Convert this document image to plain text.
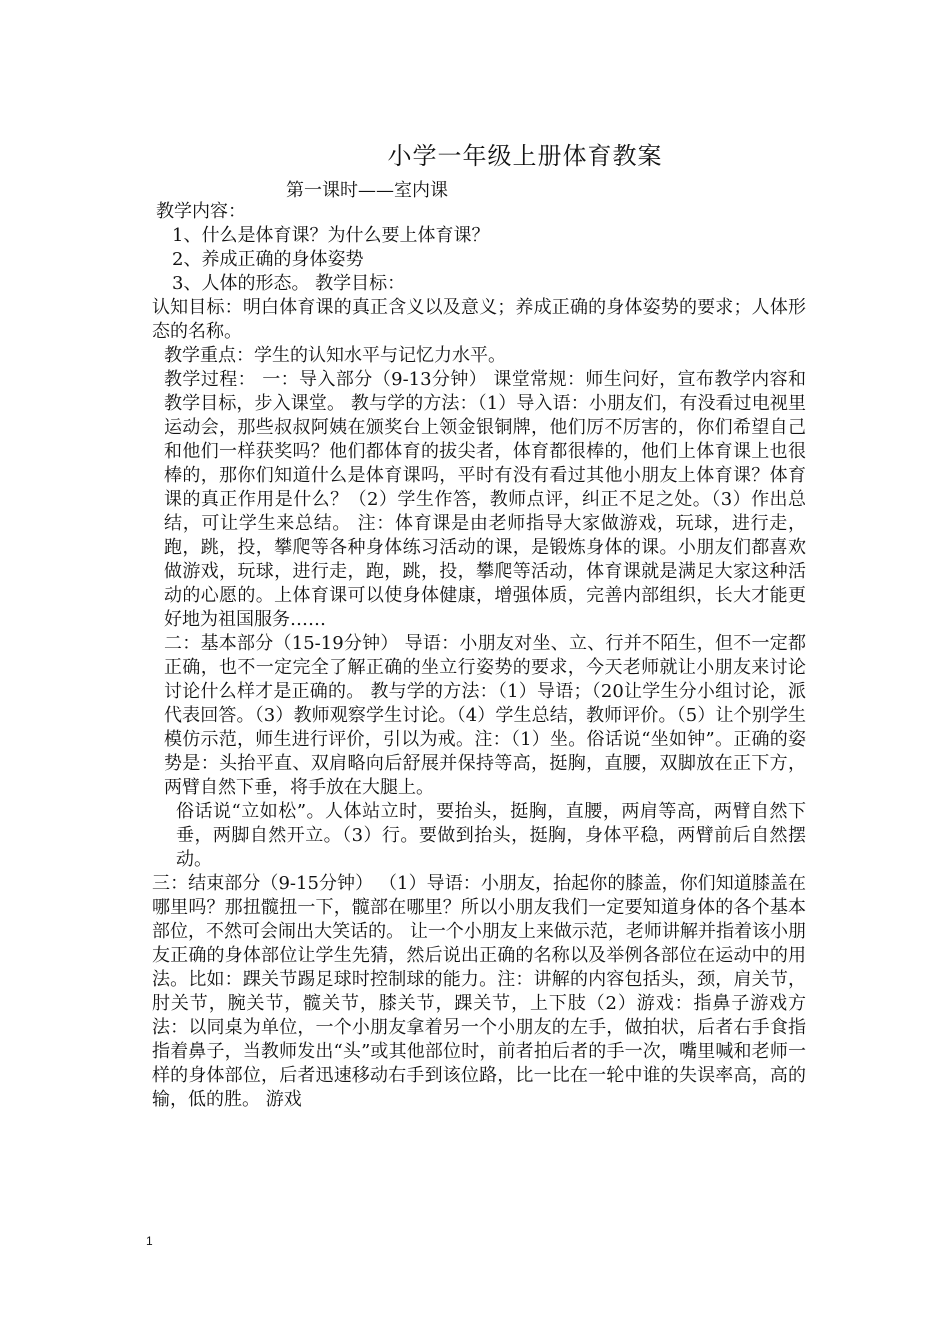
小学一年级上册体育教案
第一课时——室内课

教学内容：

1、什么是体育课？为什么要上体育课？

2、养成正确的身体姿势

3、人体的形态。 教学目标：

认知目标：明白体育课的真正含义以及意义；养成正确的身体姿势的要求；人体形态的名称。

教学重点：学生的认知水平与记忆力水平。

教学过程： 一：导入部分（9-13分钟） 课堂常规：师生问好，宣布教学内容和教学目标，步入课堂。 教与学的方法：（1）导入语：小朋友们，有没看过电视里运动会，那些叔叔阿姨在颁奖台上领金银铜牌，他们厉不厉害的，你们希望自己和他们一样获奖吗？他们都体育的拔尖者，体育都很棒的，他们上体育课上也很棒的，那你们知道什么是体育课吗，平时有没有看过其他小朋友上体育课？体育课的真正作用是什么？（2）学生作答，教师点评，纠正不足之处。（3）作出总结，可让学生来总结。 注：体育课是由老师指导大家做游戏，玩球，进行走，跑，跳，投，攀爬等各种身体练习活动的课，是锻炼身体的课。小朋友们都喜欢做游戏，玩球，进行走，跑，跳，投，攀爬等活动，体育课就是满足大家这种活动的心愿的。上体育课可以使身体健康，增强体质，完善内部组织，长大才能更好地为祖国服务……

二：基本部分（15-19分钟） 导语：小朋友对坐、立、行并不陌生，但不一定都正确，也不一定完全了解正确的坐立行姿势的要求，今天老师就让小朋友来讨论讨论什么样才是正确的。 教与学的方法：（1）导语；（20让学生分小组讨论，派代表回答。（3）教师观察学生讨论。（4）学生总结，教师评价。（5）让个别学生模仿示范，师生进行评价，引以为戒。注：（1）坐。俗话说“坐如钟”。正确的姿势是：头抬平直、双肩略向后舒展并保持等高，挺胸，直腰，双脚放在正下方，两臂自然下垂，将手放在大腿上。

俗话说“立如松”。人体站立时，要抬头，挺胸，直腰，两肩等高，两臂自然下垂，两脚自然开立。（3）行。要做到抬头，挺胸，身体平稳，两臂前后自然摆动。

三：结束部分（9-15分钟） （1）导语：小朋友，抬起你的膝盖，你们知道膝盖在哪里吗？那扭髋扭一下，髋部在哪里？所以小朋友我们一定要知道身体的各个基本部位，不然可会闹出大笑话的。 让一个小朋友上来做示范，老师讲解并指着该小朋友正确的身体部位让学生先猜，然后说出正确的名称以及举例各部位在运动中的用法。比如：踝关节踢足球时控制球的能力。注：讲解的内容包括头，颈，肩关节，肘关节，腕关节，髋关节，膝关节，踝关节，上下肢（2）游戏：指鼻子游戏方法：以同桌为单位，一个小朋友拿着另一个小朋友的左手，做拍状，后者右手食指指着鼻子，当教师发出“头”或其他部位时，前者拍后者的手一次，嘴里喊和老师一样的身体部位，后者迅速移动右手到该位路，比一比在一轮中谁的失误率高，高的输，低的胜。 游戏

1
